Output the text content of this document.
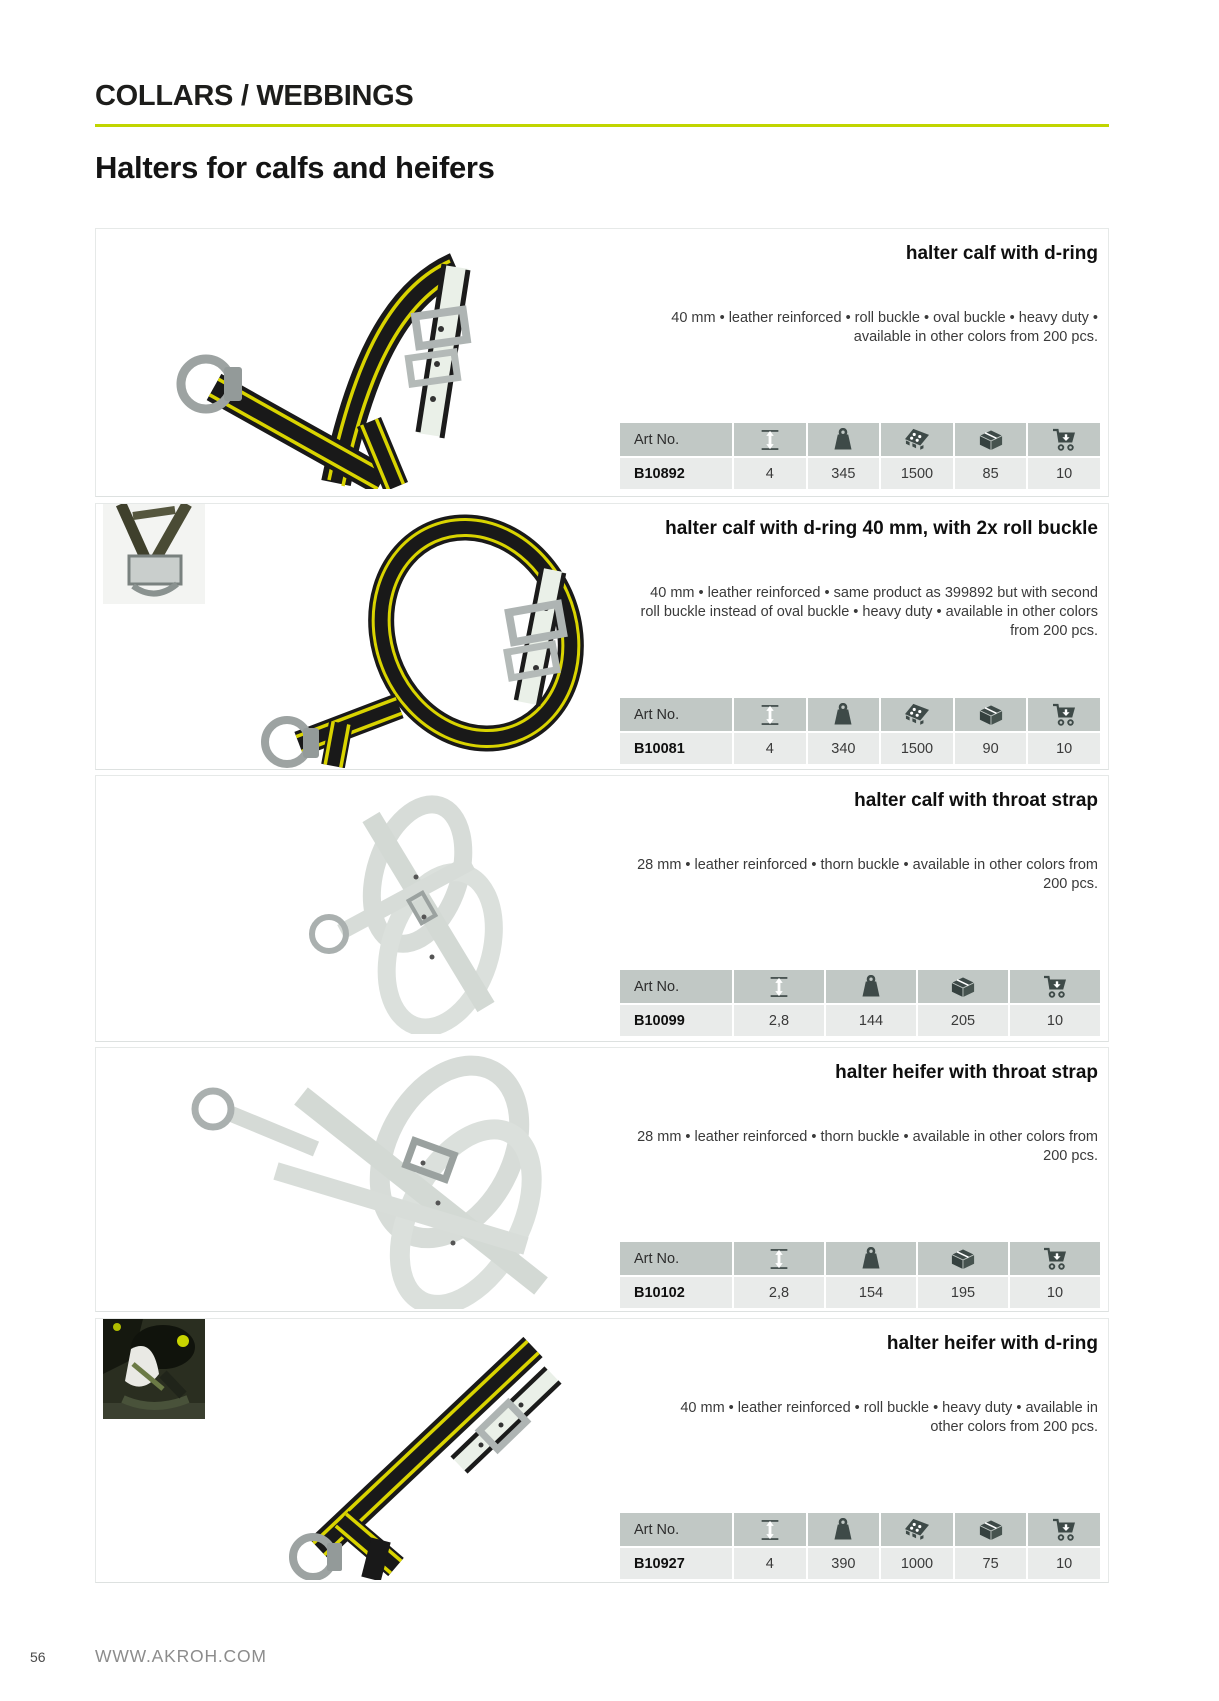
COLLARS / WEBBINGS
Halters for calfs and heifers
halter calf with d-ring
40 mm • leather reinforced • roll buckle • oval buckle • heavy duty • available in other colors from 200 pcs.
Art No.
B10892	4	345	1500	85	10
halter calf with d-ring 40 mm, with 2x roll buckle
40 mm • leather reinforced • same product as 399892 but with second roll buckle instead of oval buckle • heavy duty • available in other colors from 200 pcs.
Art No.
B10081	4	340	1500	90	10
halter calf with throat strap
28 mm • leather reinforced • thorn buckle • available in other colors from 200 pcs.
Art No.
B10099	2,8	144	205	10
halter heifer with throat strap
28 mm • leather reinforced • thorn buckle • available in other colors from 200 pcs.
Art No.
B10102	2,8	154	195	10
halter heifer with d-ring
40 mm • leather reinforced • roll buckle • heavy duty • available in other colors from 200 pcs.
Art No.
B10927	4	390	1000	75	10
56	WWW.AKROH.COM
